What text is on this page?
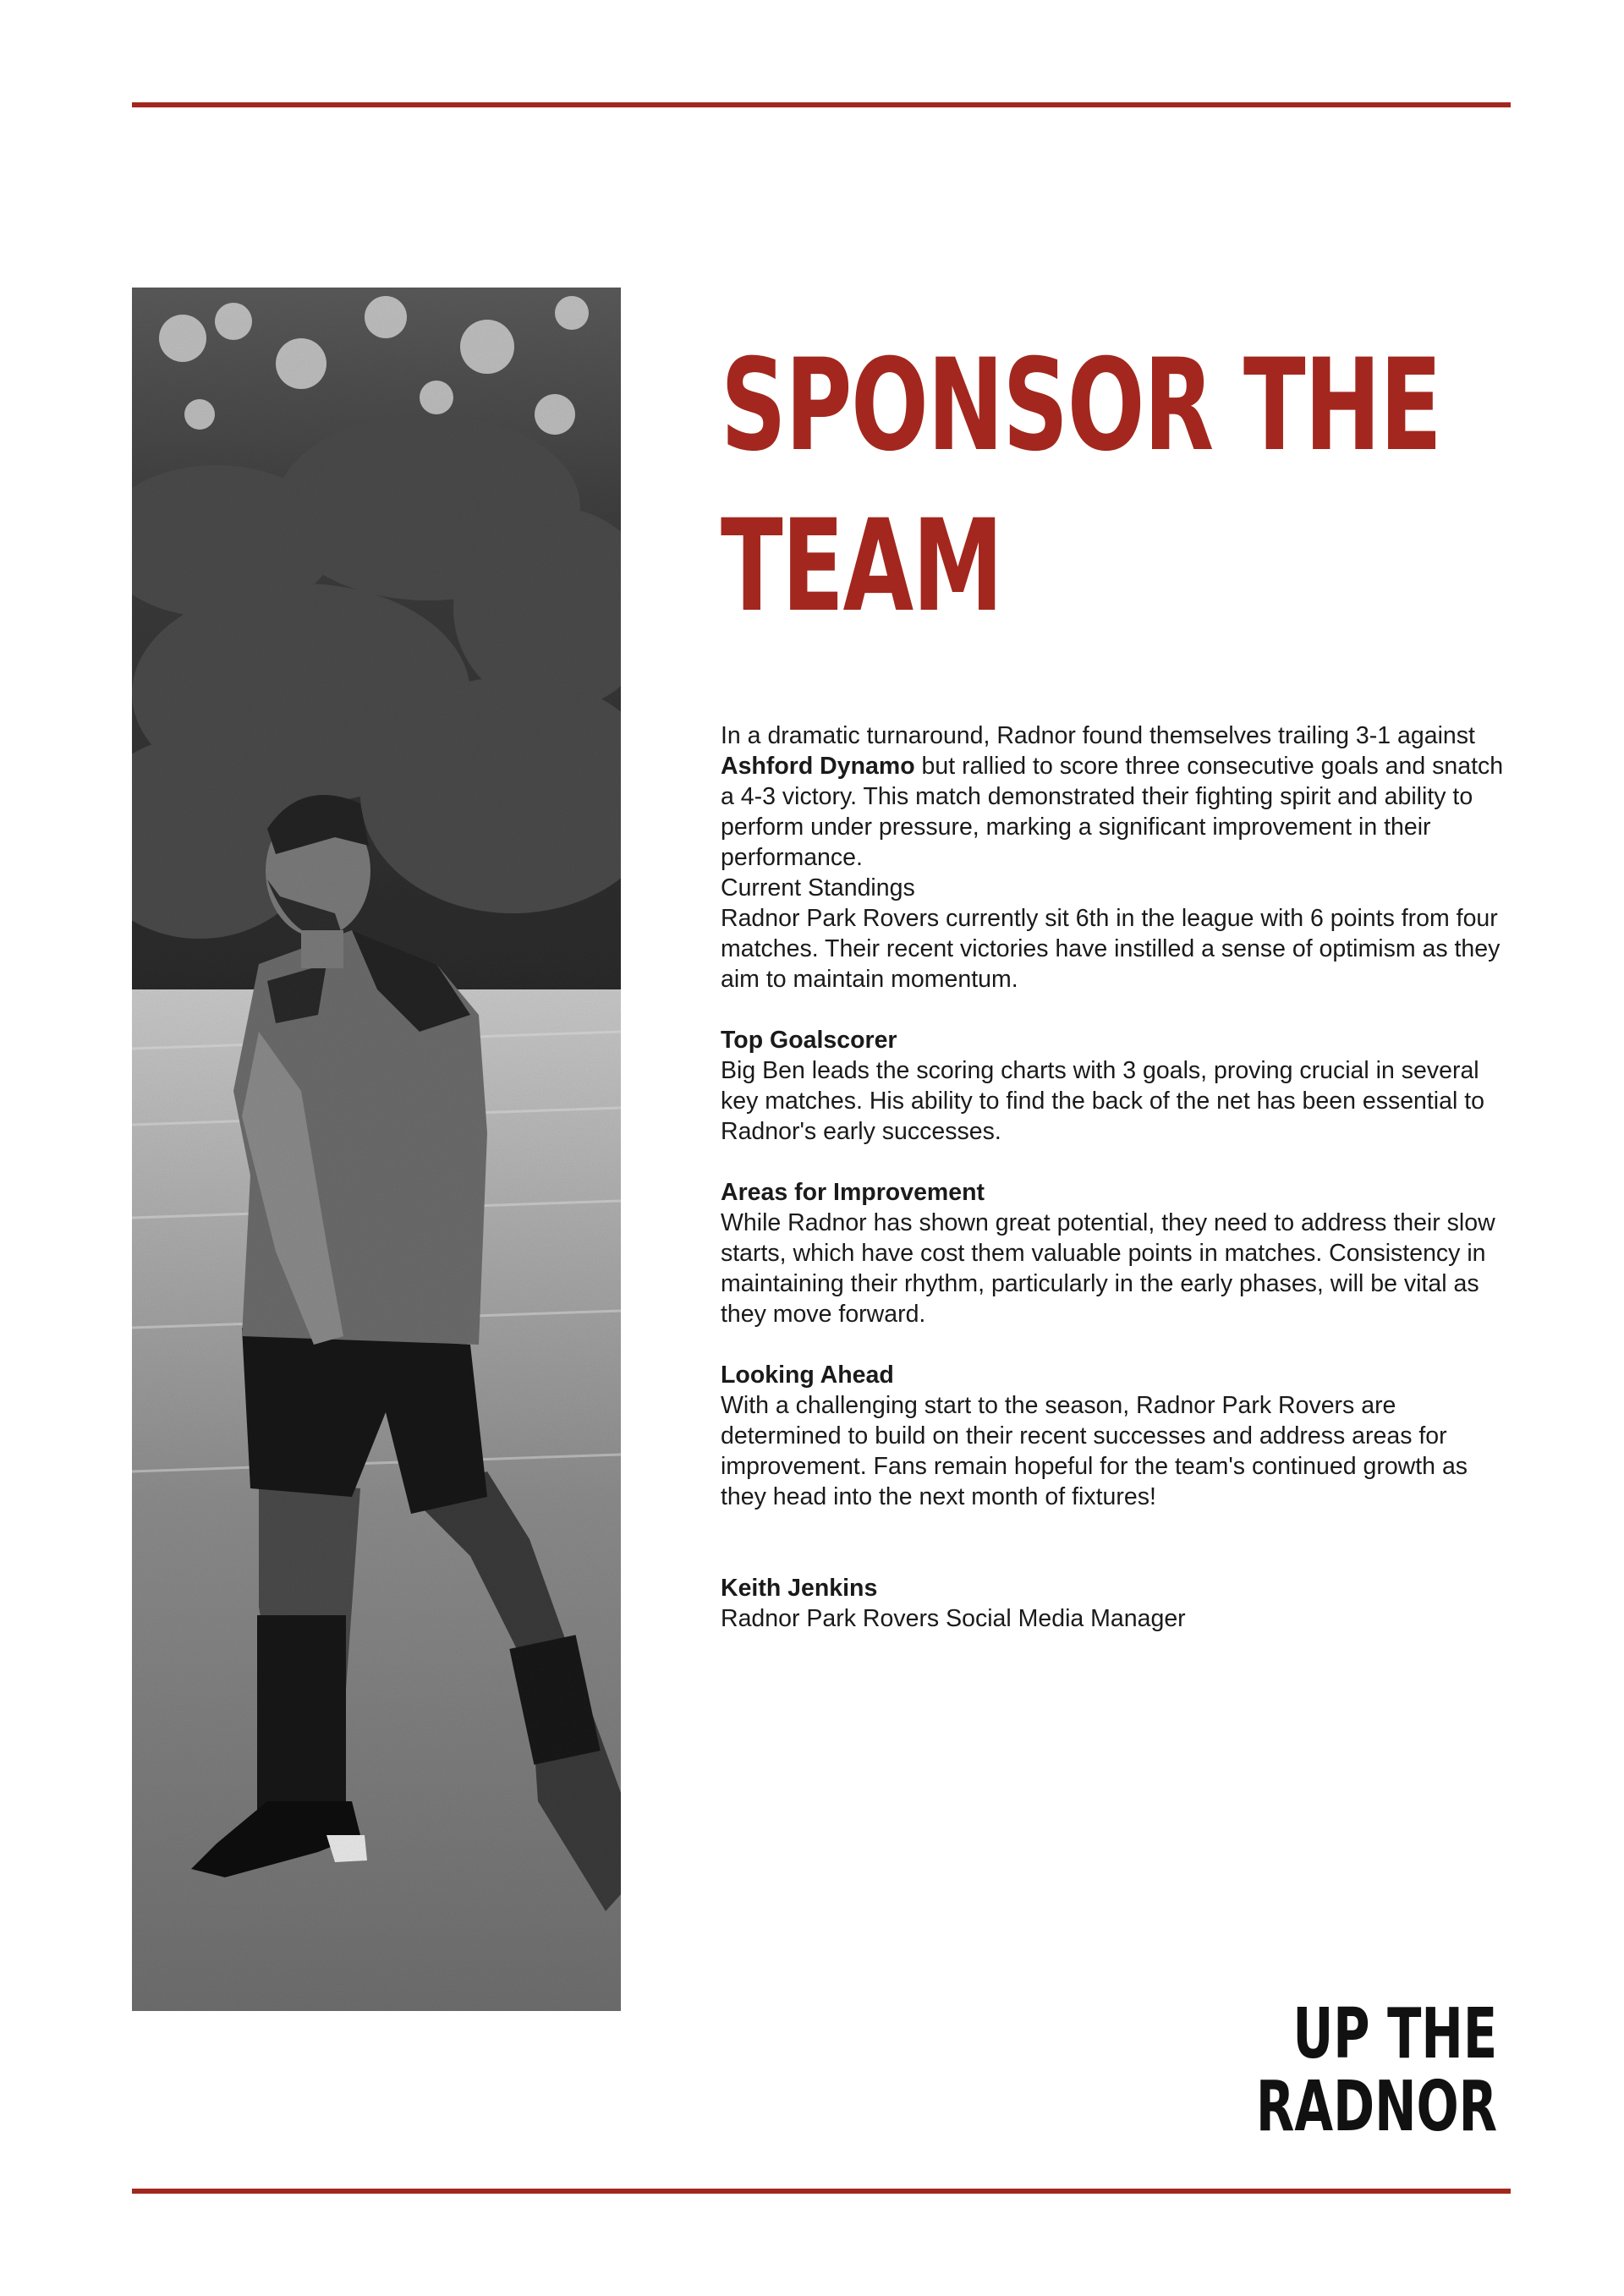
SPONSOR THE
TEAM

In a dramatic turnaround, Radnor found themselves trailing 3-1 against Ashford Dynamo but rallied to score three consecutive goals and snatch a 4-3 victory. This match demonstrated their fighting spirit and ability to perform under pressure, marking a significant improvement in their performance.

Current Standings

Radnor Park Rovers currently sit 6th in the league with 6 points from four matches. Their recent victories have instilled a sense of optimism as they aim to maintain momentum.

Top Goalscorer
Big Ben leads the scoring charts with 3 goals, proving crucial in several key matches. His ability to find the back of the net has been essential to Radnor's early successes.

Areas for Improvement
While Radnor has shown great potential, they need to address their slow starts, which have cost them valuable points in matches. Consistency in maintaining their rhythm, particularly in the early phases, will be vital as they move forward.

Looking Ahead
With a challenging start to the season, Radnor Park Rovers are determined to build on their recent successes and address areas for improvement. Fans remain hopeful for the team's continued growth as they head into the next month of fixtures!

Keith Jenkins
Radnor Park Rovers Social Media Manager

UP THE
RADNOR
